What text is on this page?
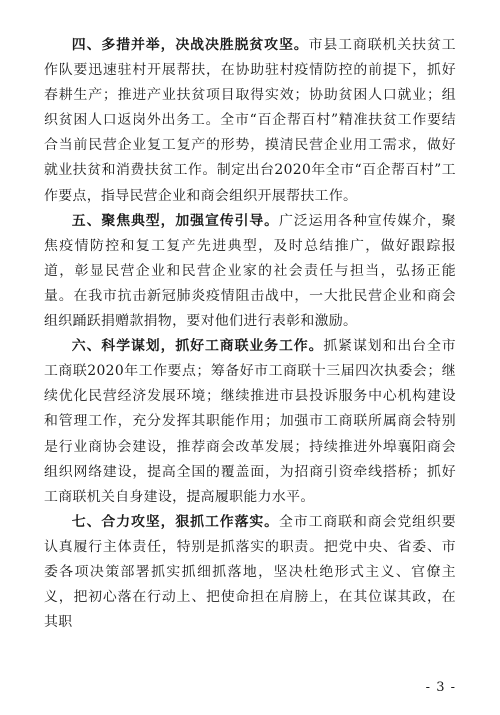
四、多措并举，决战决胜脱贫攻坚。市县工商联机关扶贫工作队要迅速驻村开展帮扶，在协助驻村疫情防控的前提下，抓好春耕生产；推进产业扶贫项目取得实效；协助贫困人口就业；组织贫困人口返岗外出务工。全市“百企帮百村”精准扶贫工作要结合当前民营企业复工复产的形势，摸清民营企业用工需求，做好就业扶贫和消费扶贫工作。制定出台2020年全市“百企帮百村”工作要点，指导民营企业和商会组织开展帮扶工作。

五、聚焦典型，加强宣传引导。广泛运用各种宣传媒介，聚焦疫情防控和复工复产先进典型，及时总结推广，做好跟踪报道，彰显民营企业和民营企业家的社会责任与担当，弘扬正能量。在我市抗击新冠肺炎疫情阻击战中，一大批民营企业和商会组织踊跃捐赠款捐物，要对他们进行表彰和激励。

六、科学谋划，抓好工商联业务工作。抓紧谋划和出台全市工商联2020年工作要点；筹备好市工商联十三届四次执委会；继续优化民营经济发展环境；继续推进市县投诉服务中心机构建设和管理工作，充分发挥其职能作用；加强市工商联所属商会特别是行业商协会建设，推荐商会改革发展；持续推进外埠襄阳商会组织网络建设，提高全国的覆盖面，为招商引资牵线搭桥；抓好工商联机关自身建设，提高履职能力水平。

七、合力攻坚，狠抓工作落实。全市工商联和商会党组织要认真履行主体责任，特别是抓落实的职责。把党中央、省委、市委各项决策部署抓实抓细抓落地，坚决杜绝形式主义、官僚主义，把初心落在行动上、把使命担在肩膀上，在其位谋其政，在其职

- 3 -
